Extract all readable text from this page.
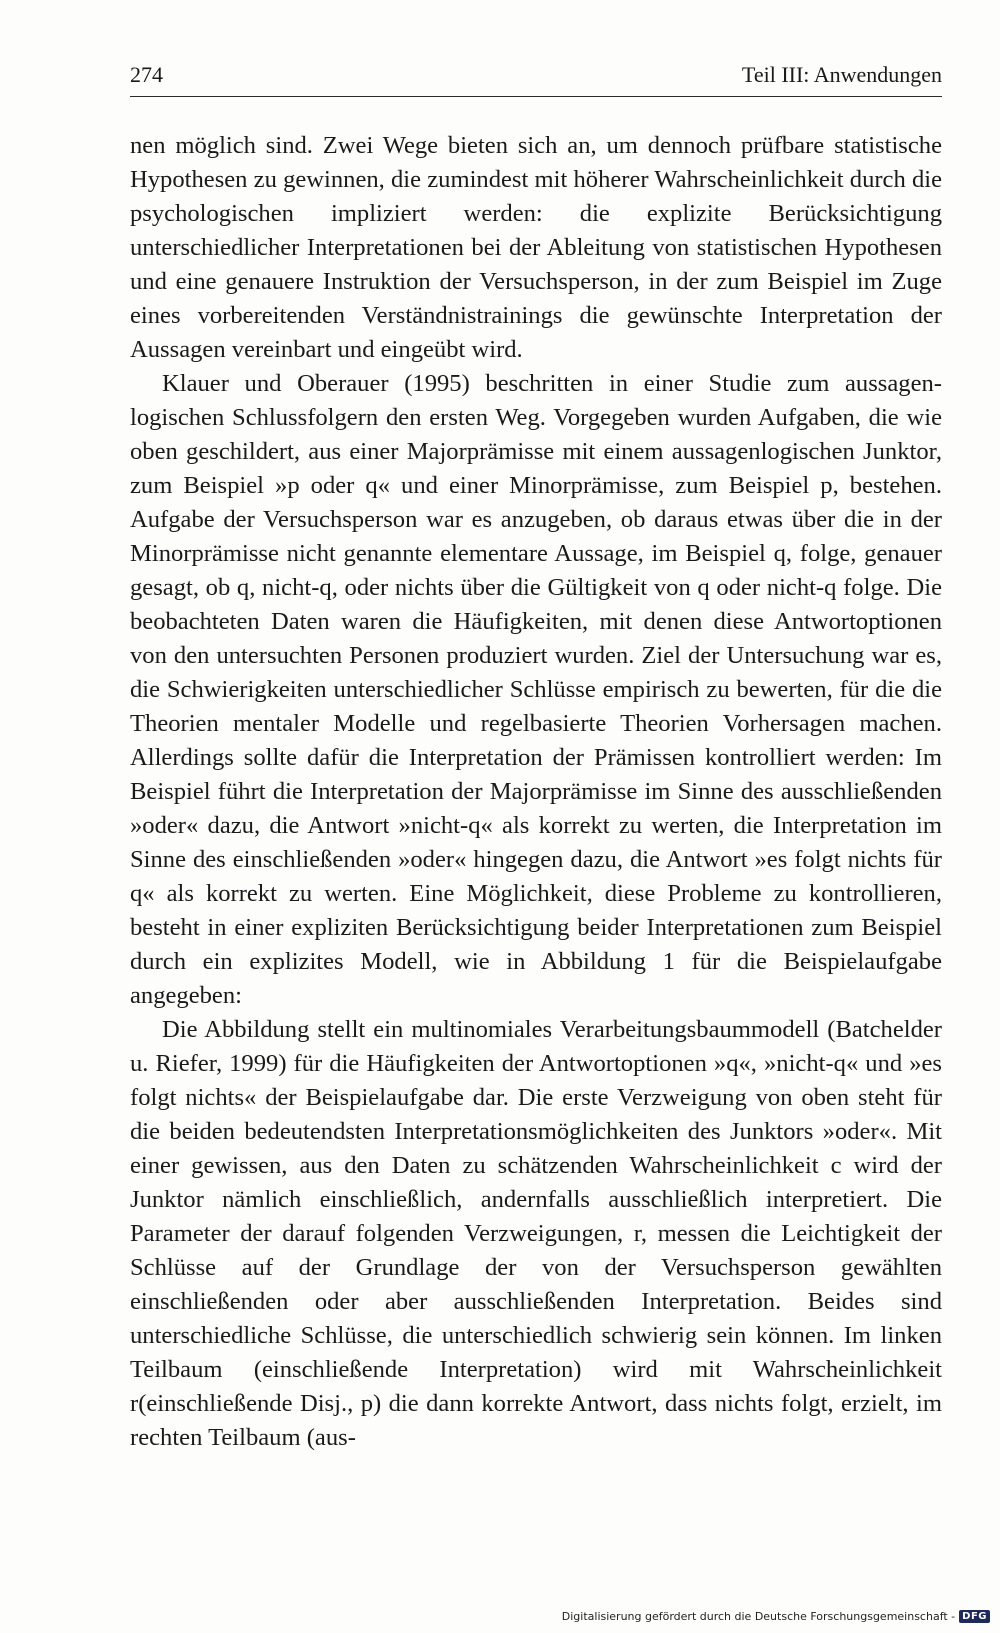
274	Teil III: Anwendungen

nen möglich sind. Zwei Wege bieten sich an, um dennoch prüfbare statistische Hypothesen zu gewinnen, die zumindest mit höherer Wahrscheinlichkeit durch die psychologischen impliziert werden: die explizite Berücksichtigung unterschiedlicher Interpretationen bei der Ableitung von statistischen Hypothesen und eine genauere Instruktion der Versuchsperson, in der zum Beispiel im Zuge eines vorbereitenden Verständnistrainings die gewünschte Interpretation der Aussagen vereinbart und eingeübt wird.

Klauer und Oberauer (1995) beschritten in einer Studie zum aussagenlogischen Schlussfolgern den ersten Weg. Vorgegeben wurden Aufgaben, die wie oben geschildert, aus einer Majorprämisse mit einem aussagenlogischen Junktor, zum Beispiel »p oder q« und einer Minorprämisse, zum Beispiel p, bestehen. Aufgabe der Versuchsperson war es anzugeben, ob daraus etwas über die in der Minorprämisse nicht genannte elementare Aussage, im Beispiel q, folge, genauer gesagt, ob q, nicht-q, oder nichts über die Gültigkeit von q oder nicht-q folge. Die beobachteten Daten waren die Häufigkeiten, mit denen diese Antwortoptionen von den untersuchten Personen produziert wurden. Ziel der Untersuchung war es, die Schwierigkeiten unterschiedlicher Schlüsse empirisch zu bewerten, für die die Theorien mentaler Modelle und regelbasierte Theorien Vorhersagen machen. Allerdings sollte dafür die Interpretation der Prämissen kontrolliert werden: Im Beispiel führt die Interpretation der Majorprämisse im Sinne des ausschließenden »oder« dazu, die Antwort »nicht-q« als korrekt zu werten, die Interpretation im Sinne des einschließenden »oder« hingegen dazu, die Antwort »es folgt nichts für q« als korrekt zu werten. Eine Möglichkeit, diese Probleme zu kontrollieren, besteht in einer expliziten Berücksichtigung beider Interpretationen zum Beispiel durch ein explizites Modell, wie in Abbildung 1 für die Beispielaufgabe angegeben:

Die Abbildung stellt ein multinomiales Verarbeitungsbaummodell (Batchelder u. Riefer, 1999) für die Häufigkeiten der Antwortoptionen »q«, »nicht-q« und »es folgt nichts« der Beispielaufgabe dar. Die erste Verzweigung von oben steht für die beiden bedeutendsten Interpretationsmöglichkeiten des Junktors »oder«. Mit einer gewissen, aus den Daten zu schätzenden Wahrscheinlichkeit c wird der Junktor nämlich einschließlich, andernfalls ausschließlich interpretiert. Die Parameter der darauf folgenden Verzweigungen, r, messen die Leichtigkeit der Schlüsse auf der Grundlage der von der Versuchsperson gewählten einschließenden oder aber ausschließenden Interpretation. Beides sind unterschiedliche Schlüsse, die unterschiedlich schwierig sein können. Im linken Teilbaum (einschließende Interpretation) wird mit Wahrscheinlichkeit r(einschließende Disj., p) die dann korrekte Antwort, dass nichts folgt, erzielt, im rechten Teilbaum (aus-

Digitalisierung gefördert durch die Deutsche Forschungsgemeinschaft - DFG
